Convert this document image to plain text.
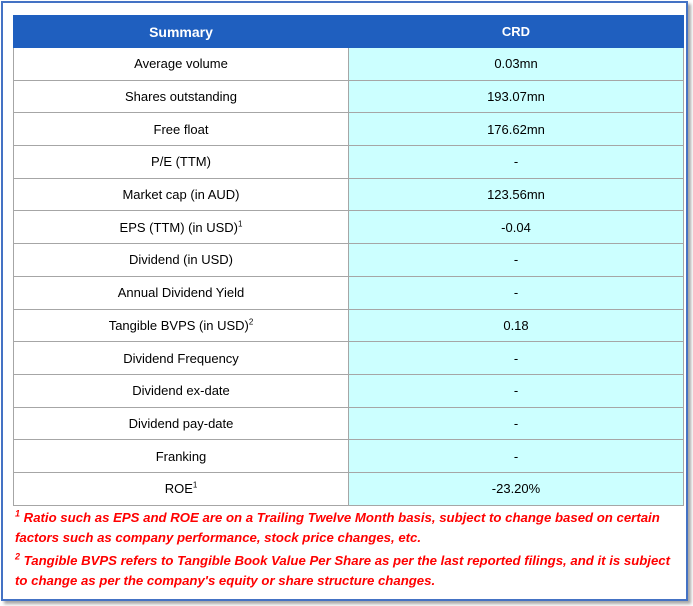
Summary	CRD
Average volume	0.03mn
Shares outstanding	193.07mn
Free float	176.62mn
P/E (TTM)	-
Market cap (in AUD)	123.56mn
EPS (TTM) (in USD)$^1$	-0.04
Dividend (in USD)	-
Annual Dividend Yield	-
Tangible BVPS (in USD)$^2$	0.18
Dividend Frequency	-
Dividend ex-date	-
Dividend pay-date	-
Franking	-
ROE$^1$	-23.20%
$^1$ Ratio such as EPS and ROE are on a Trailing Twelve Month basis, subject to change based on certain factors such as company performance, stock price changes, etc.
$^2$ Tangible BVPS refers to Tangible Book Value Per Share as per the last reported filings, and it is subject to change as per the company's equity or share structure changes.
